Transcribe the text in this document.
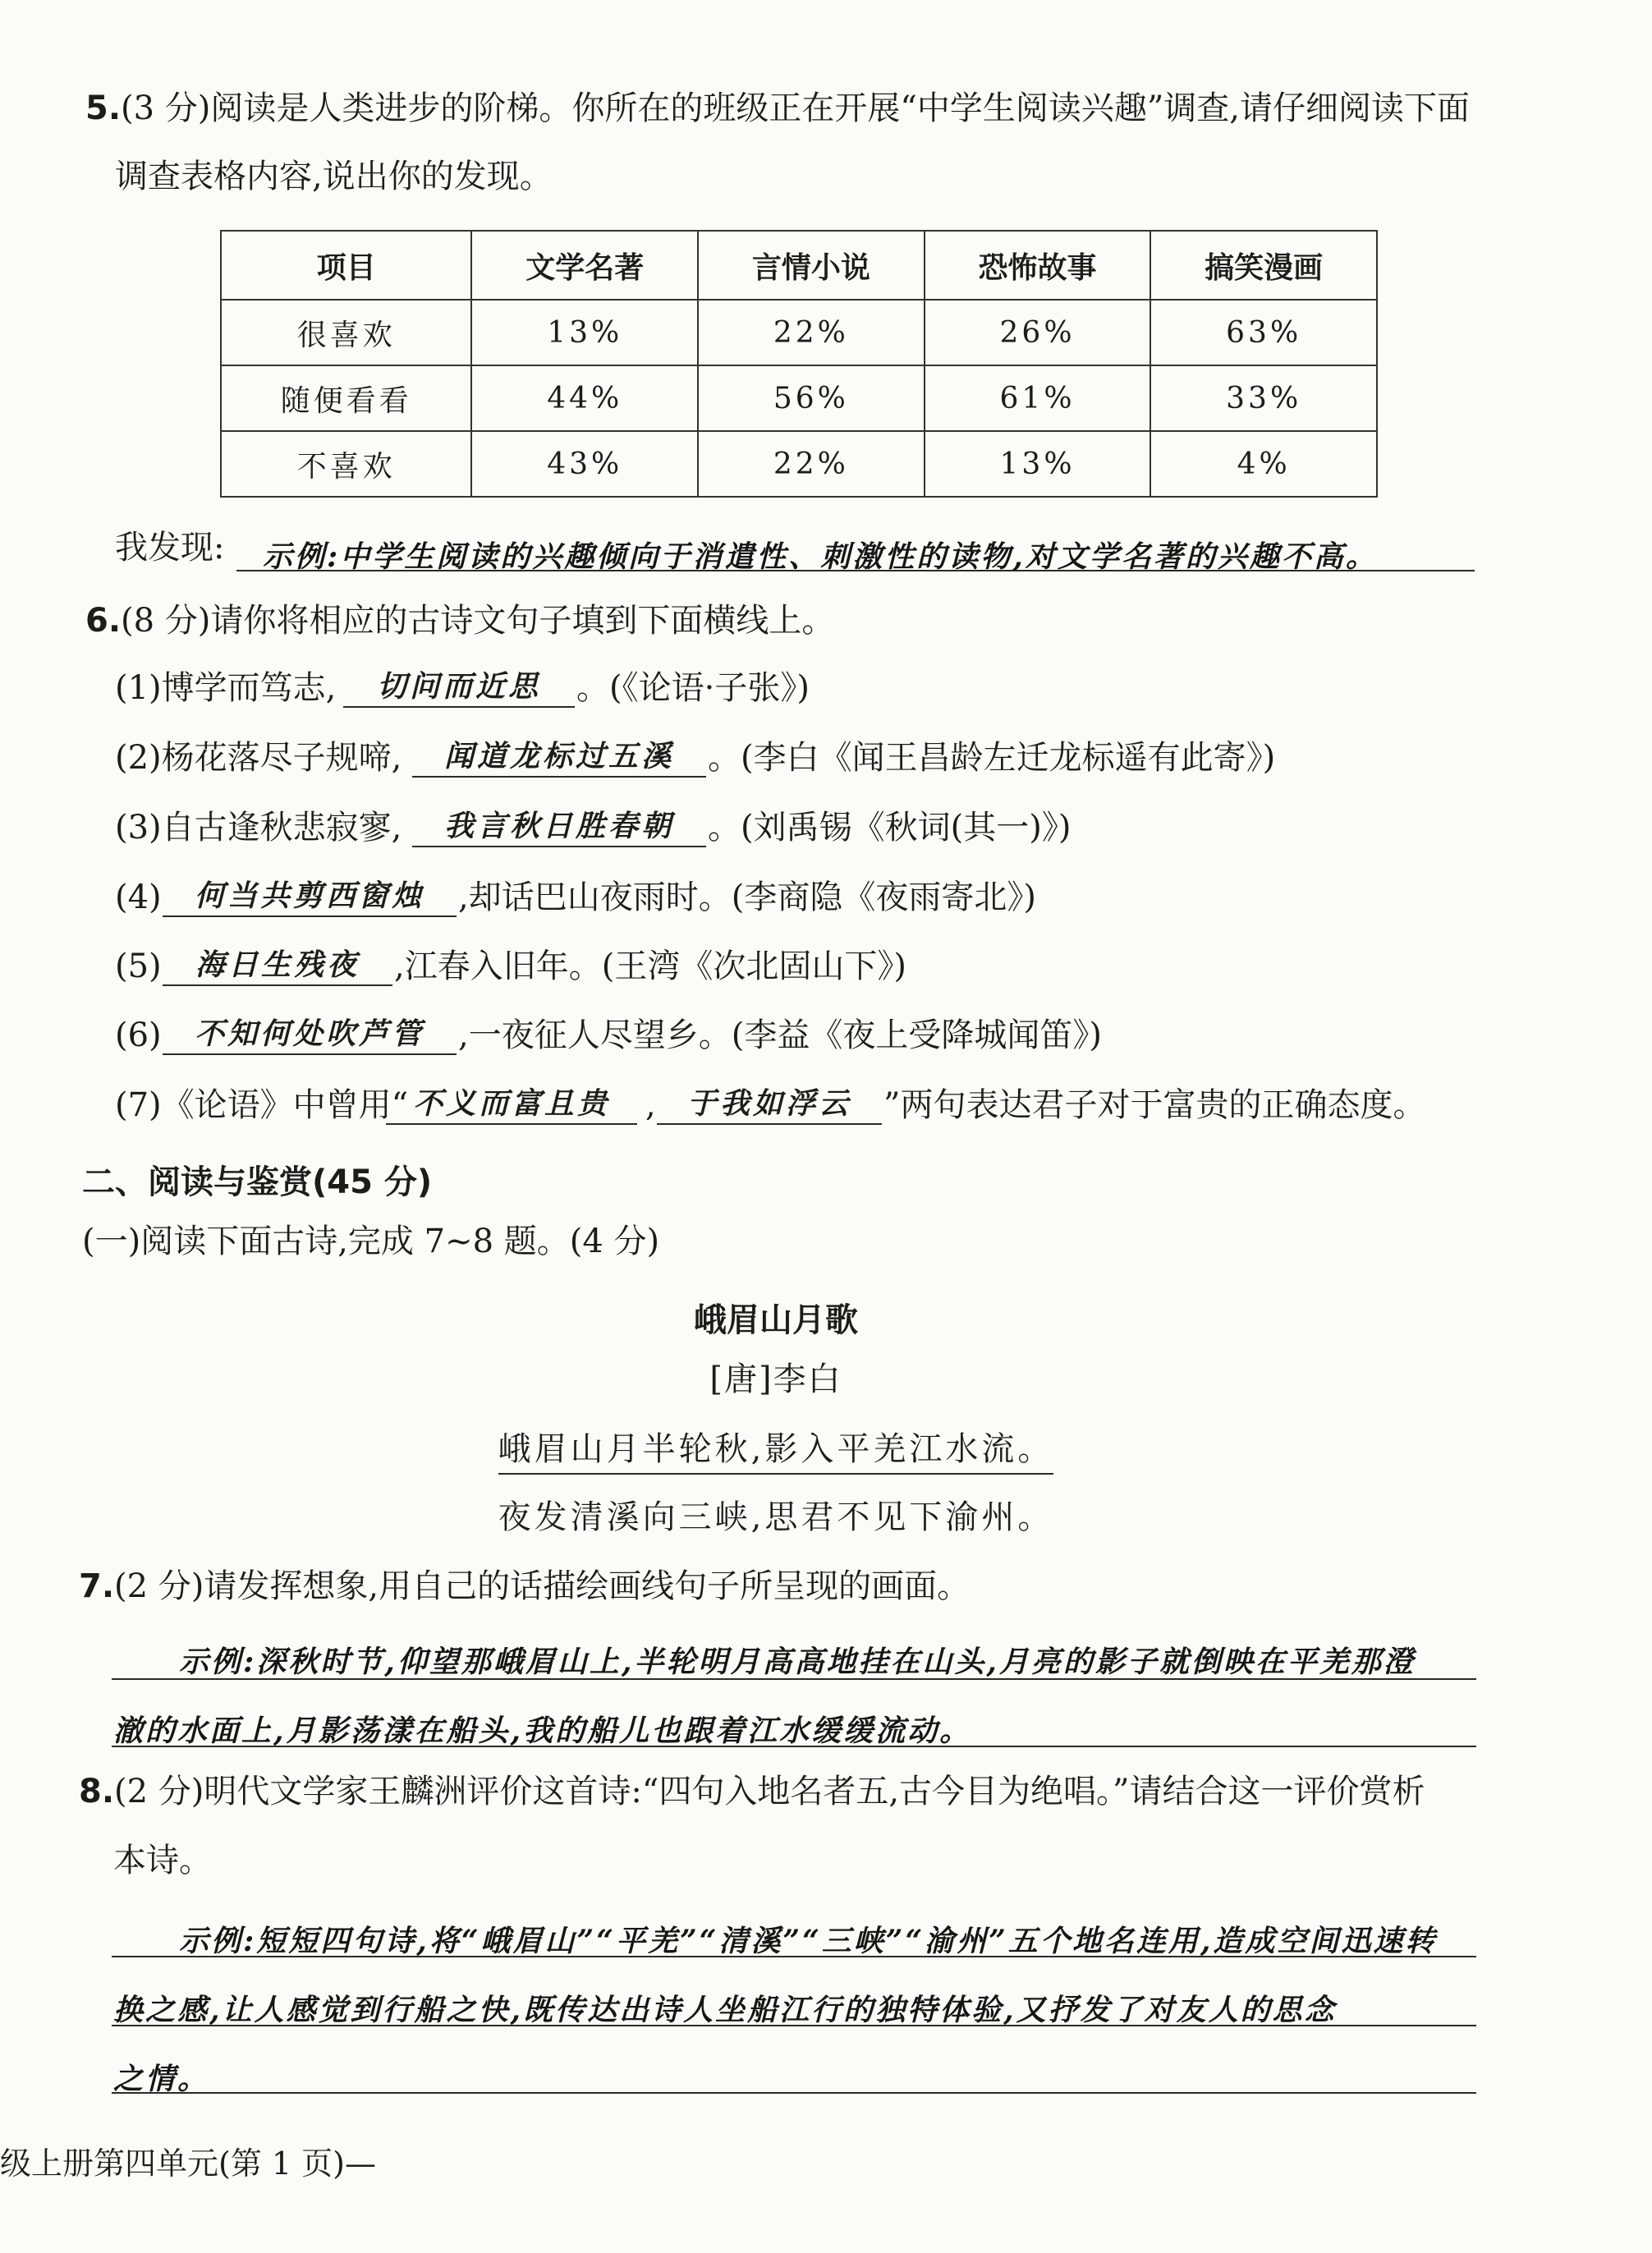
5.(3 分)阅读是人类进步的阶梯。你所在的班级正在开展“中学生阅读兴趣”调查,请仔细阅读下面
调查表格内容,说出你的发现。
项目	文学名著	言情小说	恐怖故事	搞笑漫画
很喜欢	13%	22%	26%	63%
随便看看	44%	56%	61%	33%
不喜欢	43%	22%	13%	4%
我发现: 示例:中学生阅读的兴趣倾向于消遣性、刺激性的读物,对文学名著的兴趣不高。
6.(8 分)请你将相应的古诗文句子填到下面横线上。
(1)博学而笃志,	切问而近思	。(《论语·子张》)
(2)杨花落尽子规啼,	闻道龙标过五溪	。(李白《闻王昌龄左迁龙标遥有此寄》)
(3)自古逢秋悲寂寥,	我言秋日胜春朝	。(刘禹锡《秋词(其一)》)
(4)	何当共剪西窗烛	,却话巴山夜雨时。(李商隐《夜雨寄北》)
(5)	海日生残夜	,江春入旧年。(王湾《次北固山下》)
(6)	不知何处吹芦管	,一夜征人尽望乡。(李益《夜上受降城闻笛》)
(7)《论语》中曾用“ 不义而富且贵	,	于我如浮云 ”两句表达君子对于富贵的正确态度。
二、阅读与鉴赏(45 分)
(一)阅读下面古诗,完成 7~8 题。(4 分)
峨眉山月歌
[唐]李白
峨眉山月半轮秋,影入平羌江水流。
夜发清溪向三峡,思君不见下渝州。
7.(2 分)请发挥想象,用自己的话描绘画线句子所呈现的画面。
示例:深秋时节,仰望那峨眉山上,半轮明月高高地挂在山头,月亮的影子就倒映在平羌那澄
澈的水面上,月影荡漾在船头,我的船儿也跟着江水缓缓流动。
8.(2 分)明代文学家王麟洲评价这首诗:“四句入地名者五,古今目为绝唱。”请结合这一评价赏析
本诗。
示例:短短四句诗,将“峨眉山”“平羌”“清溪”“三峡”“渝州”五个地名连用,造成空间迅速转
换之感,让人感觉到行船之快,既传达出诗人坐船江行的独特体验,又抒发了对友人的思念
之情。
级上册第四单元(第 1 页)—
